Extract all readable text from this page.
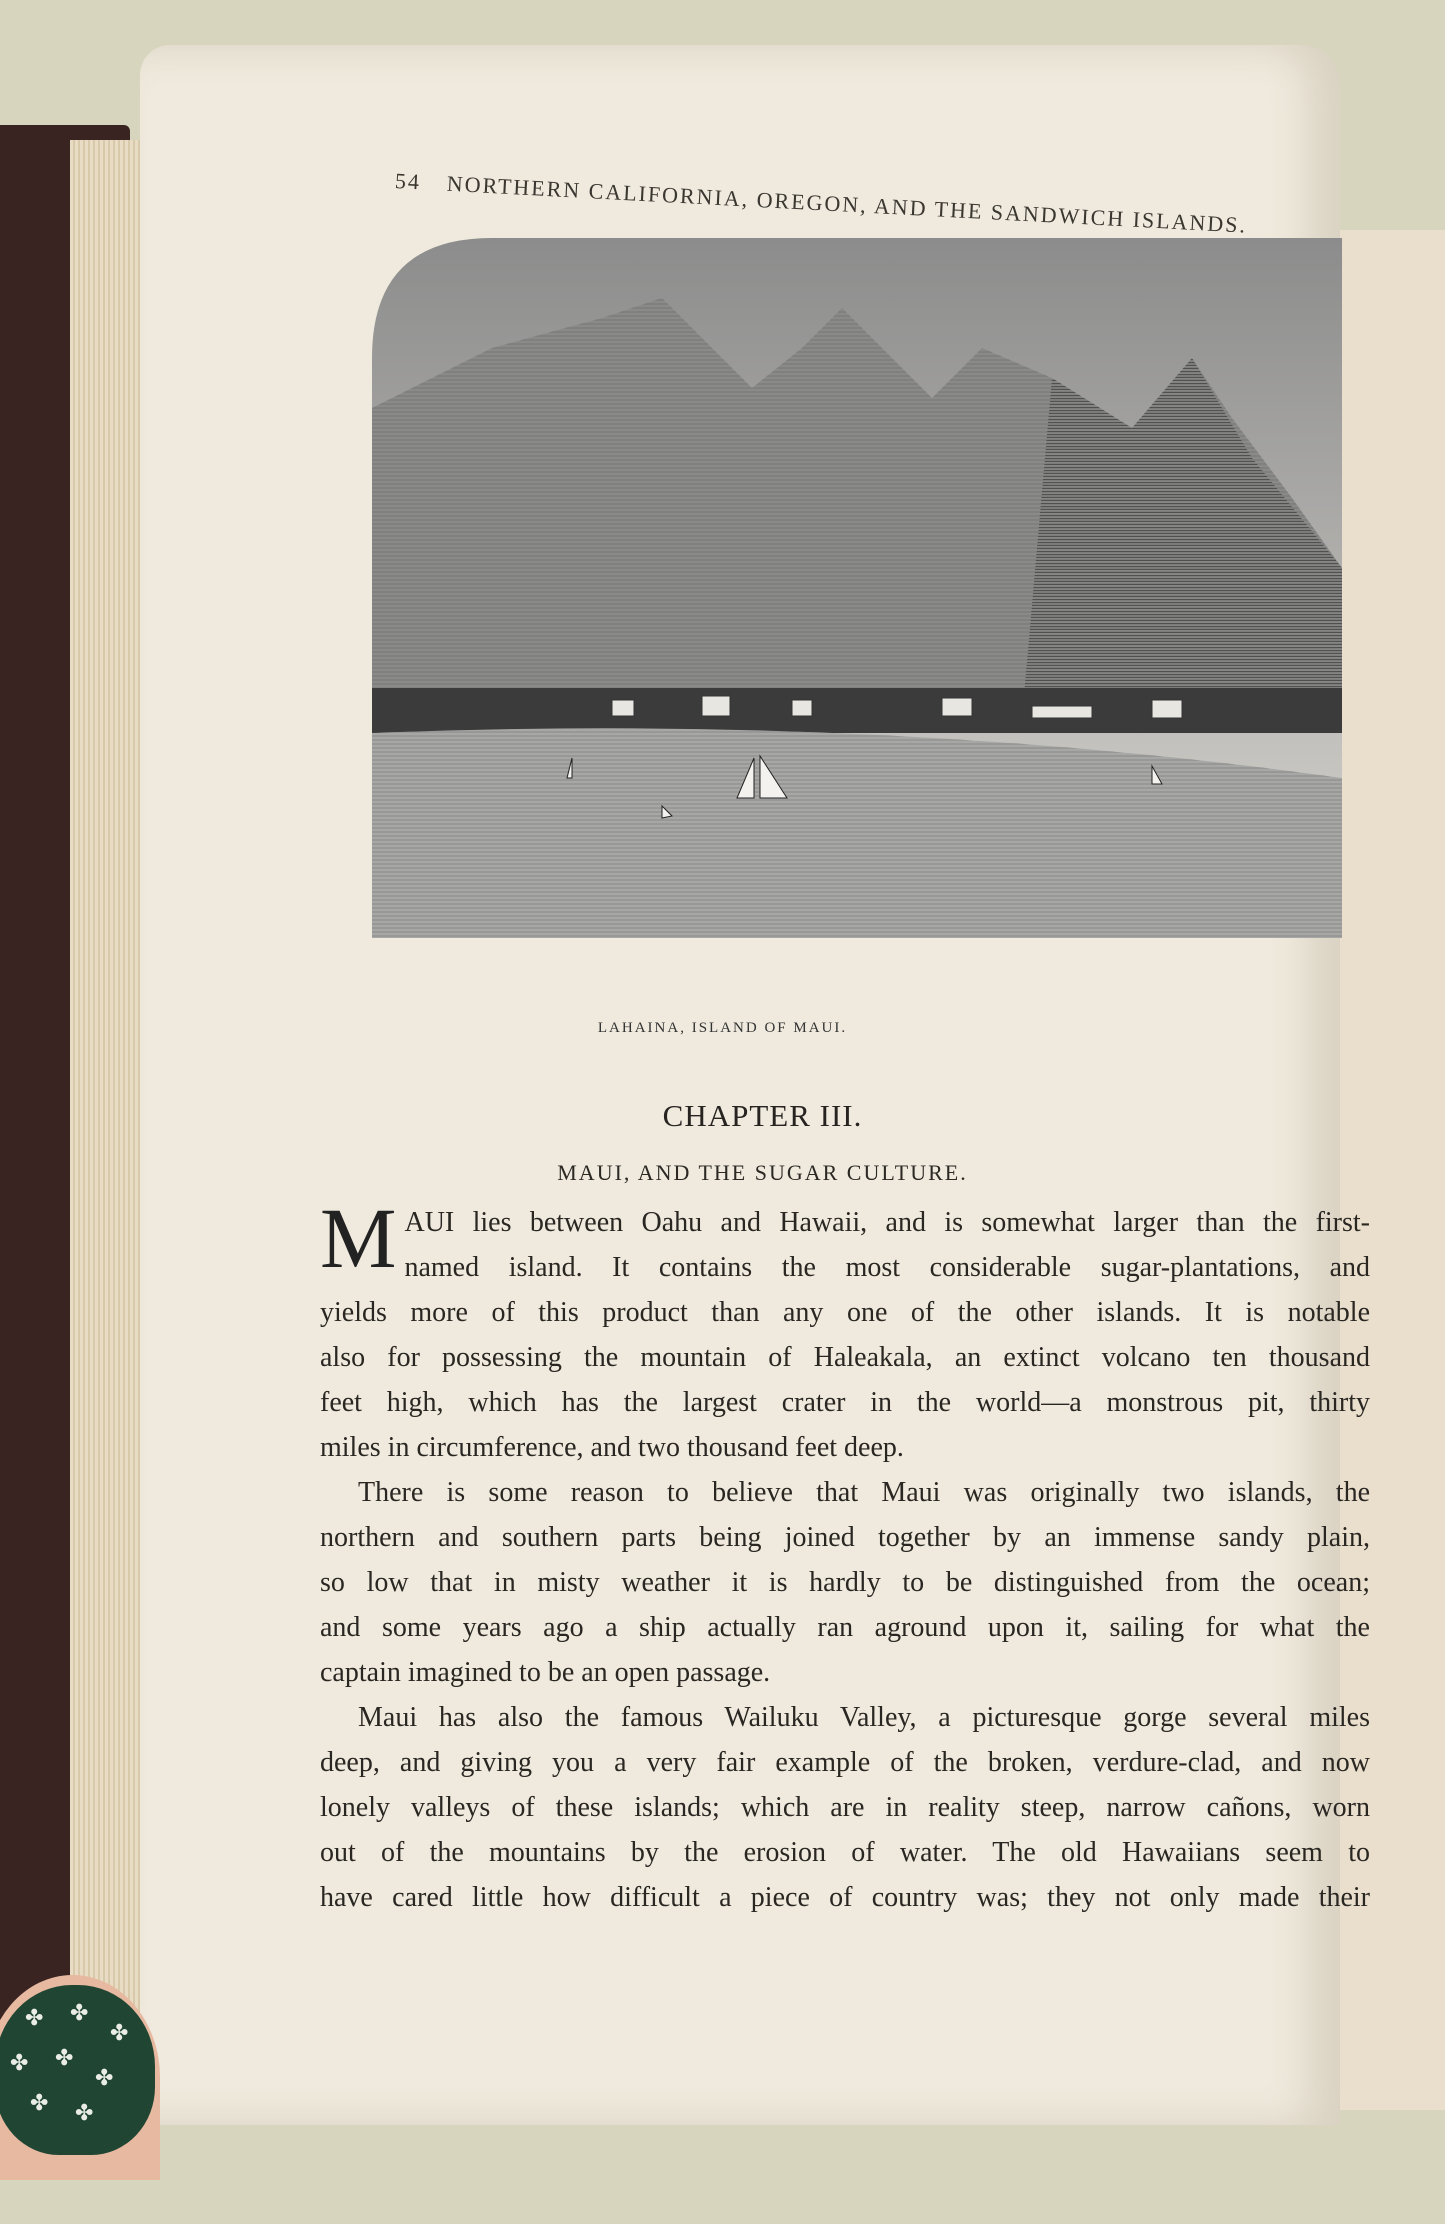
54 NORTHERN CALIFORNIA, OREGON, AND THE SANDWICH ISLANDS.
LAHAINA, ISLAND OF MAUI.
CHAPTER III.
MAUI, AND THE SUGAR CULTURE.
M AUI lies between Oahu and Hawaii, and is somewhat larger than the first-
named island. It contains the most considerable sugar-plantations, and
yields more of this product than any one of the other islands. It is notable
also for possessing the mountain of Haleakala, an extinct volcano ten thousand
feet high, which has the largest crater in the world—a monstrous pit, thirty
miles in circumference, and two thousand feet deep.
There is some reason to believe that Maui was originally two islands, the
northern and southern parts being joined together by an immense sandy plain,
so low that in misty weather it is hardly to be distinguished from the ocean;
and some years ago a ship actually ran aground upon it, sailing for what the
captain imagined to be an open passage.
Maui has also the famous Wailuku Valley, a picturesque gorge several miles
deep, and giving you a very fair example of the broken, verdure-clad, and now
lonely valleys of these islands; which are in reality steep, narrow cañons, worn
out of the mountains by the erosion of water. The old Hawaiians seem to
have cared little how difficult a piece of country was; they not only made their
✤ ✤
✤
✤ ✤
✤
✤ ✤
